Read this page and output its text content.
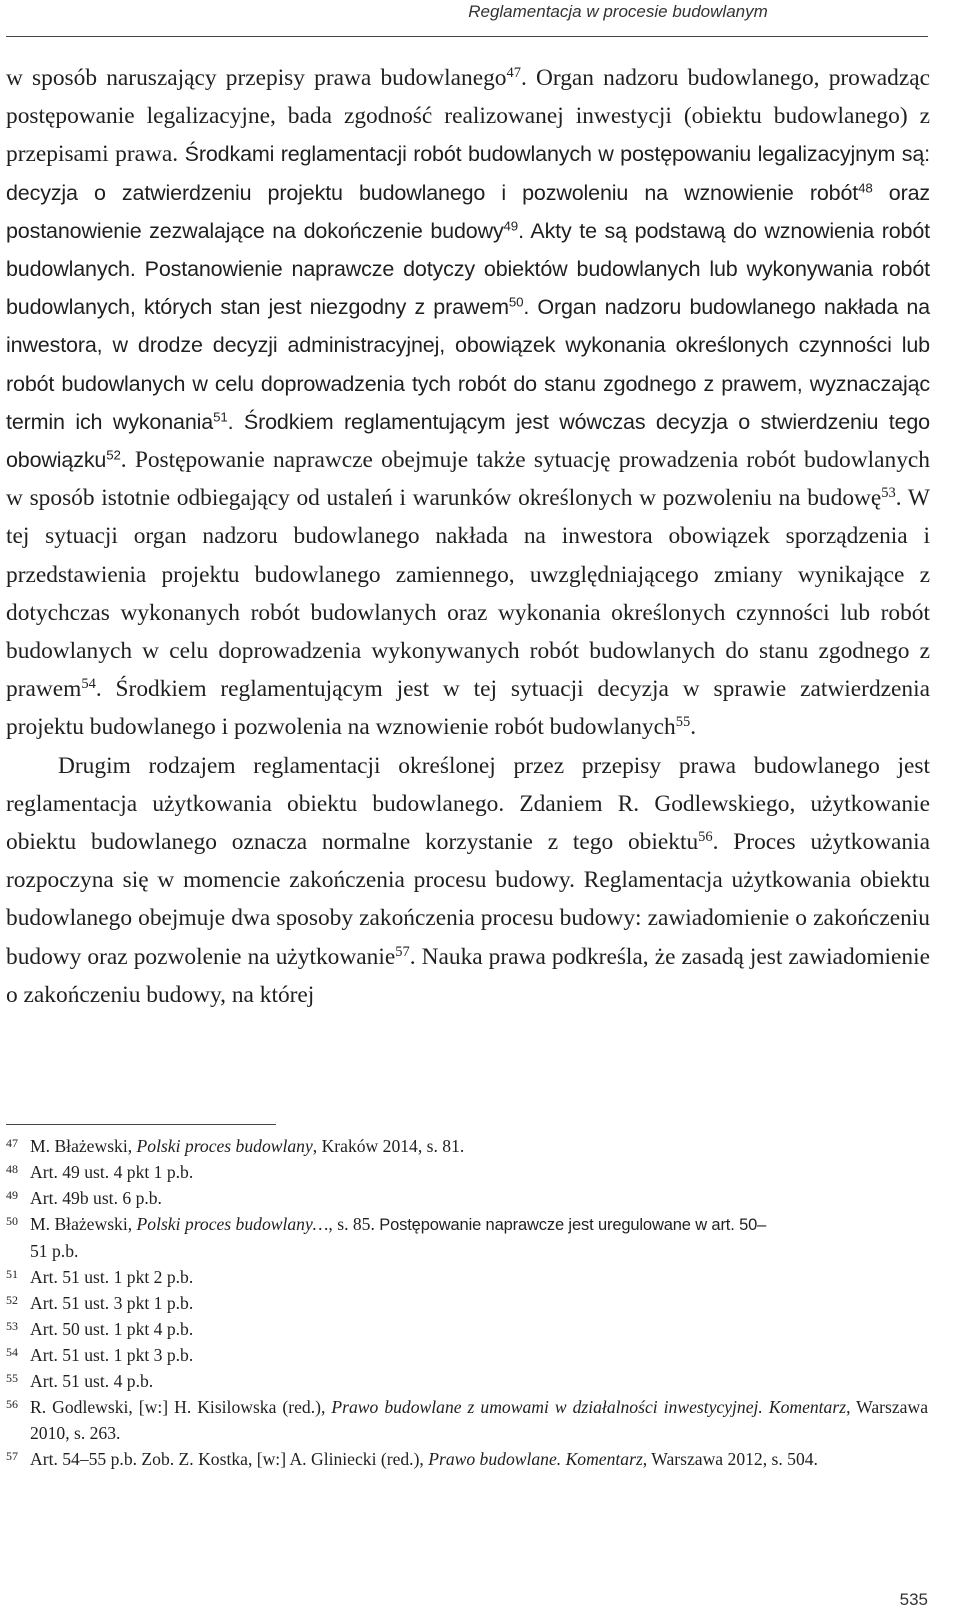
Reglamentacja w procesie budowlanym

w sposób naruszający przepisy prawa budowlanego$^{47}$. Organ nadzoru budowlanego, prowadząc postępowanie legalizacyjne, bada zgodność realizowanej inwestycji (obiektu budowlanego) z przepisami prawa. Środkami reglamentacji robót budowlanych w postępowaniu legalizacyjnym są: decyzja o zatwierdzeniu projektu budowlanego i pozwoleniu na wznowienie robót$^{48}$ oraz postanowienie zezwalające na dokończenie budowy$^{49}$. Akty te są podstawą do wznowienia robót budowlanych. Postanowienie naprawcze dotyczy obiektów budowlanych lub wykonywania robót budowlanych, których stan jest niezgodny z prawem$^{50}$. Organ nadzoru budowlanego nakłada na inwestora, w drodze decyzji administracyjnej, obowiązek wykonania określonych czynności lub robót budowlanych w celu doprowadzenia tych robót do stanu zgodnego z prawem, wyznaczając termin ich wykonania$^{51}$. Środkiem reglamentującym jest wówczas decyzja o stwierdzeniu tego obowiązku$^{52}$. Postępowanie naprawcze obejmuje także sytuację prowadzenia robót budowlanych w sposób istotnie odbiegający od ustaleń i warunków określonych w pozwoleniu na budowę$^{53}$. W tej sytuacji organ nadzoru budowlanego nakłada na inwestora obowiązek sporządzenia i przedstawienia projektu budowlanego zamiennego, uwzględniającego zmiany wynikające z dotychczas wykonanych robót budowlanych oraz wykonania określonych czynności lub robót budowlanych w celu doprowadzenia wykonywanych robót budowlanych do stanu zgodnego z prawem$^{54}$. Środkiem reglamentującym jest w tej sytuacji decyzja w sprawie zatwierdzenia projektu budowlanego i pozwolenia na wznowienie robót budowlanych$^{55}$.

Drugim rodzajem reglamentacji określonej przez przepisy prawa budowlanego jest reglamentacja użytkowania obiektu budowlanego. Zdaniem R. Godlewskiego, użytkowanie obiektu budowlanego oznacza normalne korzystanie z tego obiektu$^{56}$. Proces użytkowania rozpoczyna się w momencie zakończenia procesu budowy. Reglamentacja użytkowania obiektu budowlanego obejmuje dwa sposoby zakończenia procesu budowy: zawiadomienie o zakończeniu budowy oraz pozwolenie na użytkowanie$^{57}$. Nauka prawa podkreśla, że zasadą jest zawiadomienie o zakończeniu budowy, na której

47 M. Błażewski, Polski proces budowlany, Kraków 2014, s. 81.
48 Art. 49 ust. 4 pkt 1 p.b.
49 Art. 49b ust. 6 p.b.
50 M. Błażewski, Polski proces budowlany…, s. 85. Postępowanie naprawcze jest uregulowane w art. 50–
51 p.b.
51 Art. 51 ust. 1 pkt 2 p.b.
52 Art. 51 ust. 3 pkt 1 p.b.
53 Art. 50 ust. 1 pkt 4 p.b.
54 Art. 51 ust. 1 pkt 3 p.b.
55 Art. 51 ust. 4 p.b.
56 R. Godlewski, [w:] H. Kisilowska (red.), Prawo budowlane z umowami w działalności inwestycyjnej. Komentarz, Warszawa 2010, s. 263.
57 Art. 54–55 p.b. Zob. Z. Kostka, [w:] A. Gliniecki (red.), Prawo budowlane. Komentarz, Warszawa 2012, s. 504.
535
